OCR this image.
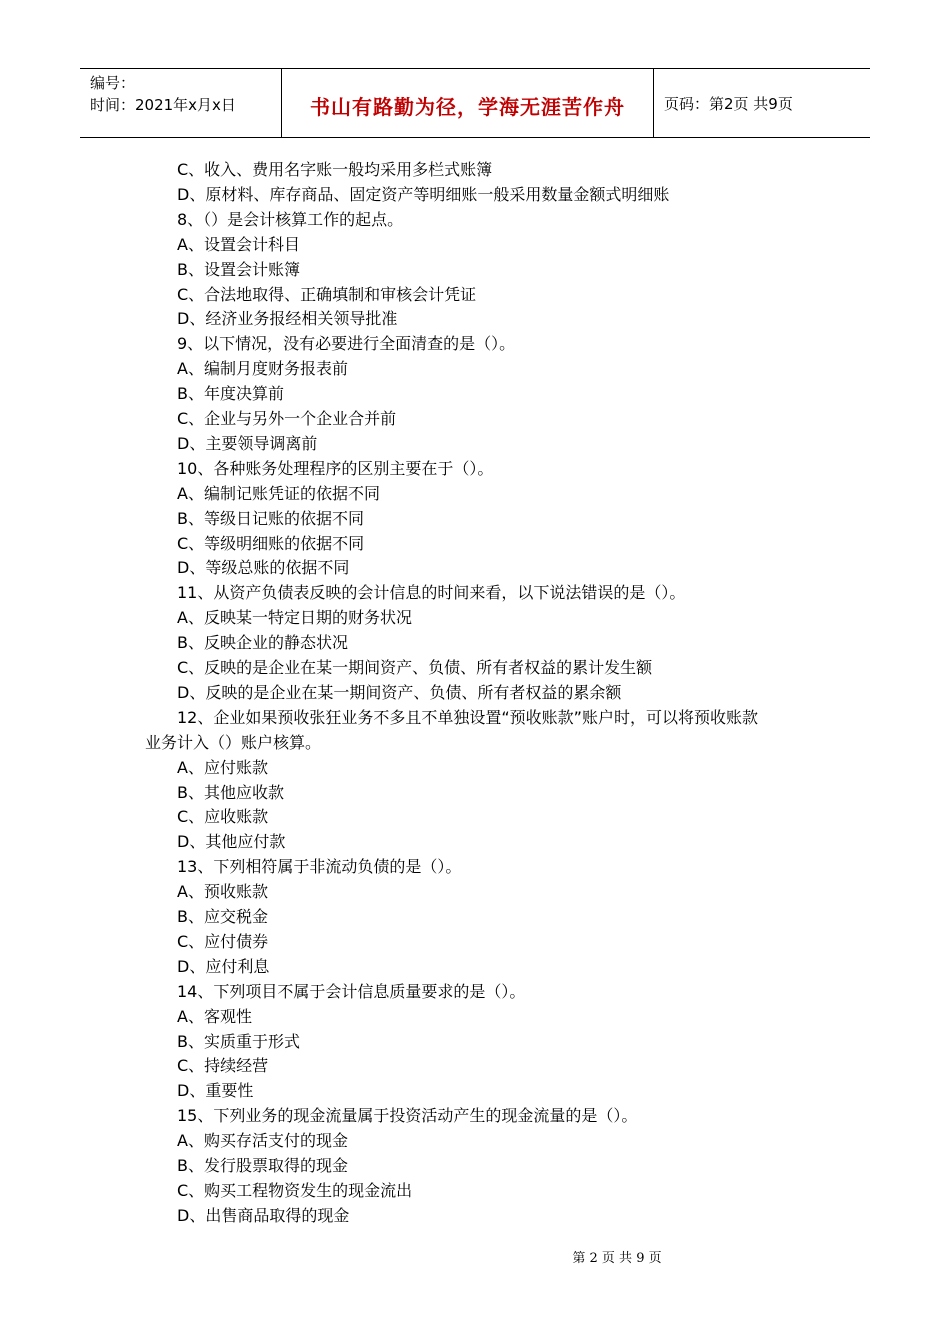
编号：
时间：2021年x月x日	书山有路勤为径，学海无涯苦作舟	页码：第2页 共9页
C、收入、费用名字账一般均采用多栏式账簿
D、原材料、库存商品、固定资产等明细账一般采用数量金额式明细账
8、（）是会计核算工作的起点。
A、设置会计科目
B、设置会计账簿
C、合法地取得、正确填制和审核会计凭证
D、经济业务报经相关领导批准
9、以下情况，没有必要进行全面清查的是（）。
A、编制月度财务报表前
B、年度决算前
C、企业与另外一个企业合并前
D、主要领导调离前
10、各种账务处理程序的区别主要在于（）。
A、编制记账凭证的依据不同
B、等级日记账的依据不同
C、等级明细账的依据不同
D、等级总账的依据不同
11、从资产负债表反映的会计信息的时间来看，以下说法错误的是（）。
A、反映某一特定日期的财务状况
B、反映企业的静态状况
C、反映的是企业在某一期间资产、负债、所有者权益的累计发生额
D、反映的是企业在某一期间资产、负债、所有者权益的累余额
12、企业如果预收张狂业务不多且不单独设置“预收账款”账户时，可以将预收账款
业务计入（）账户核算。
A、应付账款
B、其他应收款
C、应收账款
D、其他应付款
13、下列相符属于非流动负债的是（）。
A、预收账款
B、应交税金
C、应付债券
D、应付利息
14、下列项目不属于会计信息质量要求的是（）。
A、客观性
B、实质重于形式
C、持续经营
D、重要性
15、下列业务的现金流量属于投资活动产生的现金流量的是（）。
A、购买存活支付的现金
B、发行股票取得的现金
C、购买工程物资发生的现金流出
D、出售商品取得的现金
第 2 页 共 9 页
